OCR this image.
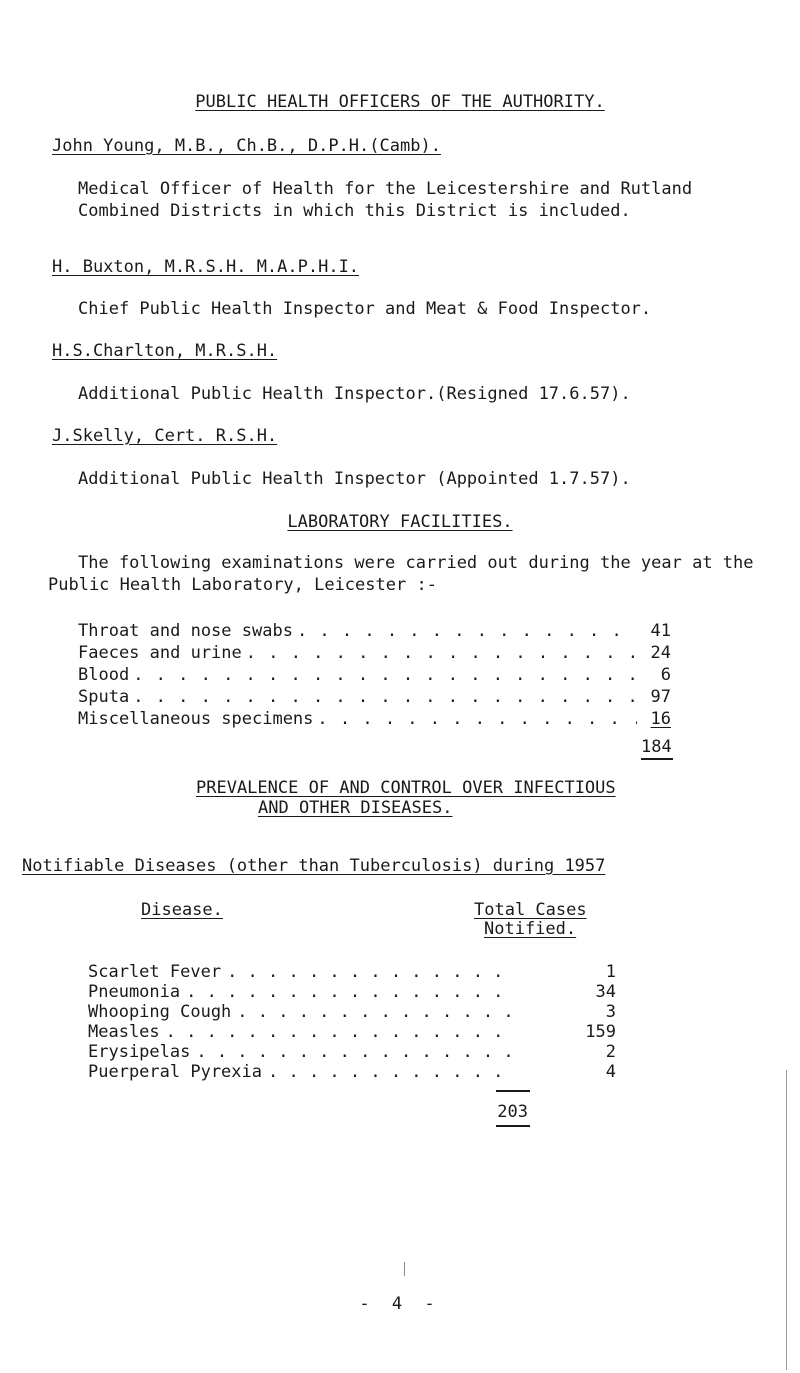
PUBLIC HEALTH OFFICERS OF THE AUTHORITY.
John Young, M.B., Ch.B., D.P.H.(Camb).
Medical Officer of Health for the Leicestershire and Rutland Combined Districts in which this District is included.
H. Buxton, M.R.S.H. M.A.P.H.I.
Chief Public Health Inspector and Meat & Food Inspector.
H.S.Charlton, M.R.S.H.
Additional Public Health Inspector.(Resigned 17.6.57).
J.Skelly, Cert. R.S.H.
Additional Public Health Inspector (Appointed 1.7.57).
LABORATORY FACILITIES.
The following examinations were carried out during the year at the Public Health Laboratory, Leicester :-
Throat and nose swabs . . .	41
Faeces and urine . . .	24
Blood . . .	6
Sputa . . .	97
Miscellaneous specimens . . .	16
184
PREVALENCE OF AND CONTROL OVER INFECTIOUS
AND OTHER DISEASES.
Notifiable Diseases (other than Tuberculosis) during 1957
Disease.	Total Cases
Notified.
Scarlet Fever . . .	1
Pneumonia . . .	34
Whooping Cough . . .	3
Measles . . .	159
Erysipelas . . .	2
Puerperal Pyrexia . . .	4
203
- 4 -
